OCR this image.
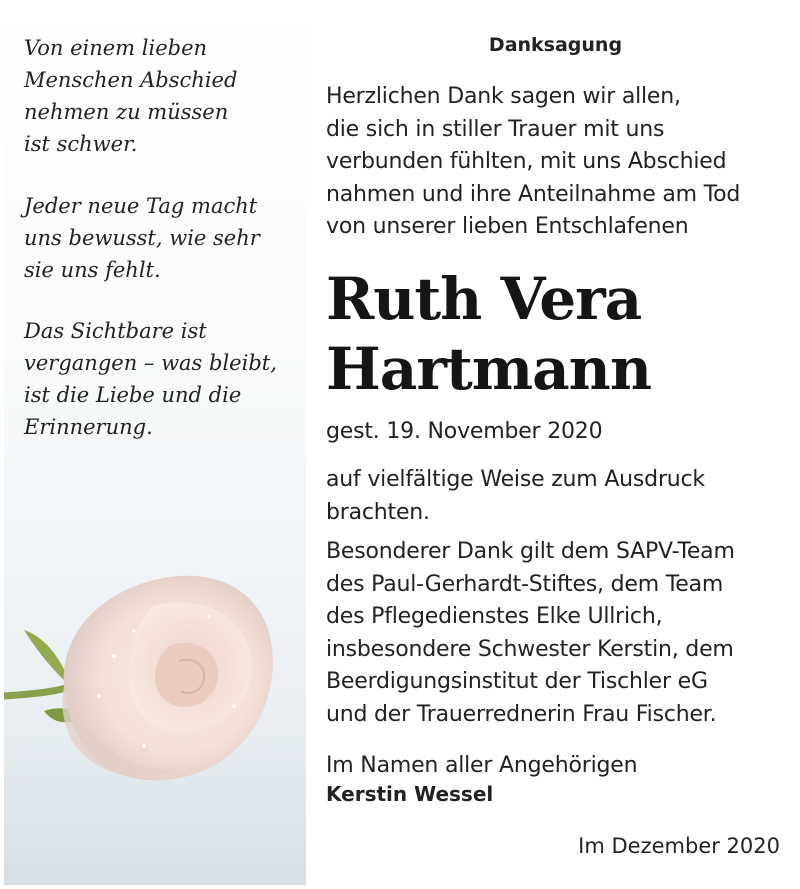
Von einem lieben
Menschen Abschied
nehmen zu müssen
ist schwer.
Jeder neue Tag macht
uns bewusst, wie sehr
sie uns fehlt.
Das Sichtbare ist
vergangen – was bleibt,
ist die Liebe und die
Erinnerung.
Danksagung
Herzlichen Dank sagen wir allen,
die sich in stiller Trauer mit uns
verbunden fühlten, mit uns Abschied
nahmen und ihre Anteilnahme am Tod
von unserer lieben Entschlafenen
Ruth Vera
Hartmann
gest. 19. November 2020
auf vielfältige Weise zum Ausdruck
brachten.
Besonderer Dank gilt dem SAPV-Team
des Paul-Gerhardt-Stiftes, dem Team
des Pflegedienstes Elke Ullrich,
insbesondere Schwester Kerstin, dem
Beerdigungsinstitut der Tischler eG
und der Trauerrednerin Frau Fischer.
Im Namen aller Angehörigen
Kerstin Wessel
Im Dezember 2020
